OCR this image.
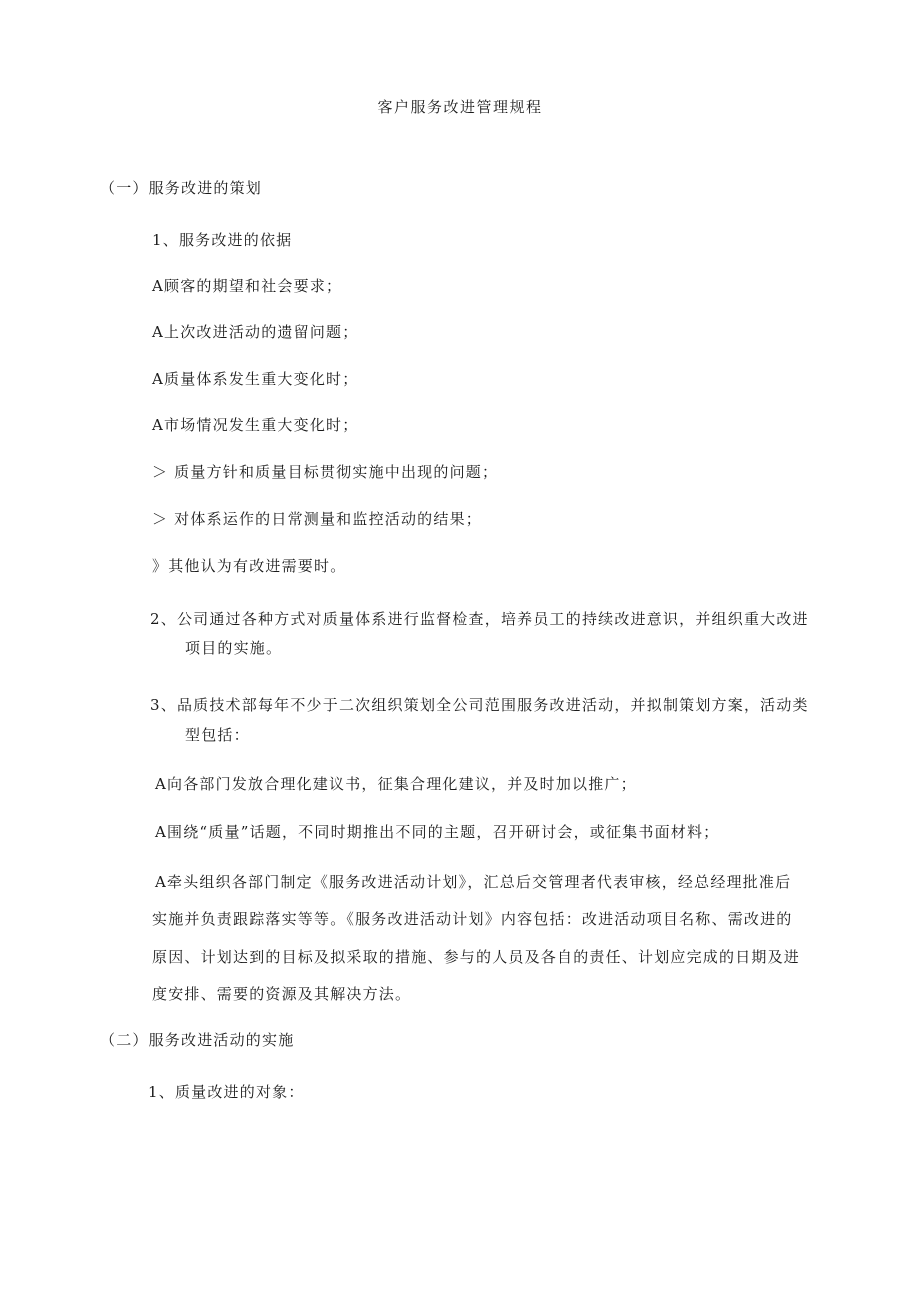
客户服务改进管理规程
（一）服务改进的策划
1、服务改进的依据
A顾客的期望和社会要求；
A上次改进活动的遗留问题；
A质量体系发生重大变化时；
A市场情况发生重大变化时；
＞ 质量方针和质量目标贯彻实施中出现的问题；
＞ 对体系运作的日常测量和监控活动的结果；
》其他认为有改进需要时。
2、公司通过各种方式对质量体系进行监督检查，培养员工的持续改进意识，并组织重大改进
项目的实施。
3、品质技术部每年不少于二次组织策划全公司范围服务改进活动，并拟制策划方案，活动类
型包括：
A向各部门发放合理化建议书，征集合理化建议，并及时加以推广；
A围绕“质量”话题，不同时期推出不同的主题，召开研讨会，或征集书面材料；
A牵头组织各部门制定《服务改进活动计划》，汇总后交管理者代表审核，经总经理批准后
实施并负责跟踪落实等等。《服务改进活动计划》内容包括：改进活动项目名称、需改进的
原因、计划达到的目标及拟采取的措施、参与的人员及各自的责任、计划应完成的日期及进
度安排、需要的资源及其解决方法。
（二）服务改进活动的实施
1、质量改进的对象：
